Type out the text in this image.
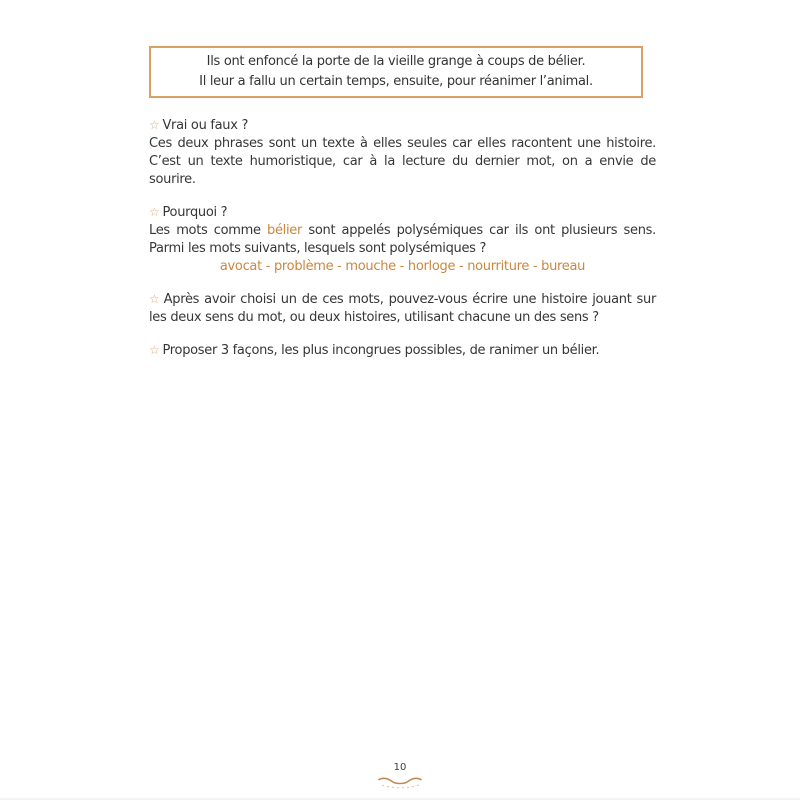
Ils ont enfoncé la porte de la vieille grange à coups de bélier.
Il leur a fallu un certain temps, ensuite, pour réanimer l’animal.
☆ Vrai ou faux ?

Ces deux phrases sont un texte à elles seules car elles racontent une histoire. C’est un texte humoristique, car à la lecture du dernier mot, on a envie de sourire.

☆ Pourquoi ?

Les mots comme bélier sont appelés polysémiques car ils ont plusieurs sens. Parmi les mots suivants, lesquels sont polysémiques ?

avocat - problème - mouche - horloge - nourriture - bureau

☆ Après avoir choisi un de ces mots, pouvez-vous écrire une histoire jouant sur les deux sens du mot, ou deux histoires, utilisant chacune un des sens ?

☆ Proposer 3 façons, les plus incongrues possibles, de ranimer un bélier.

10
